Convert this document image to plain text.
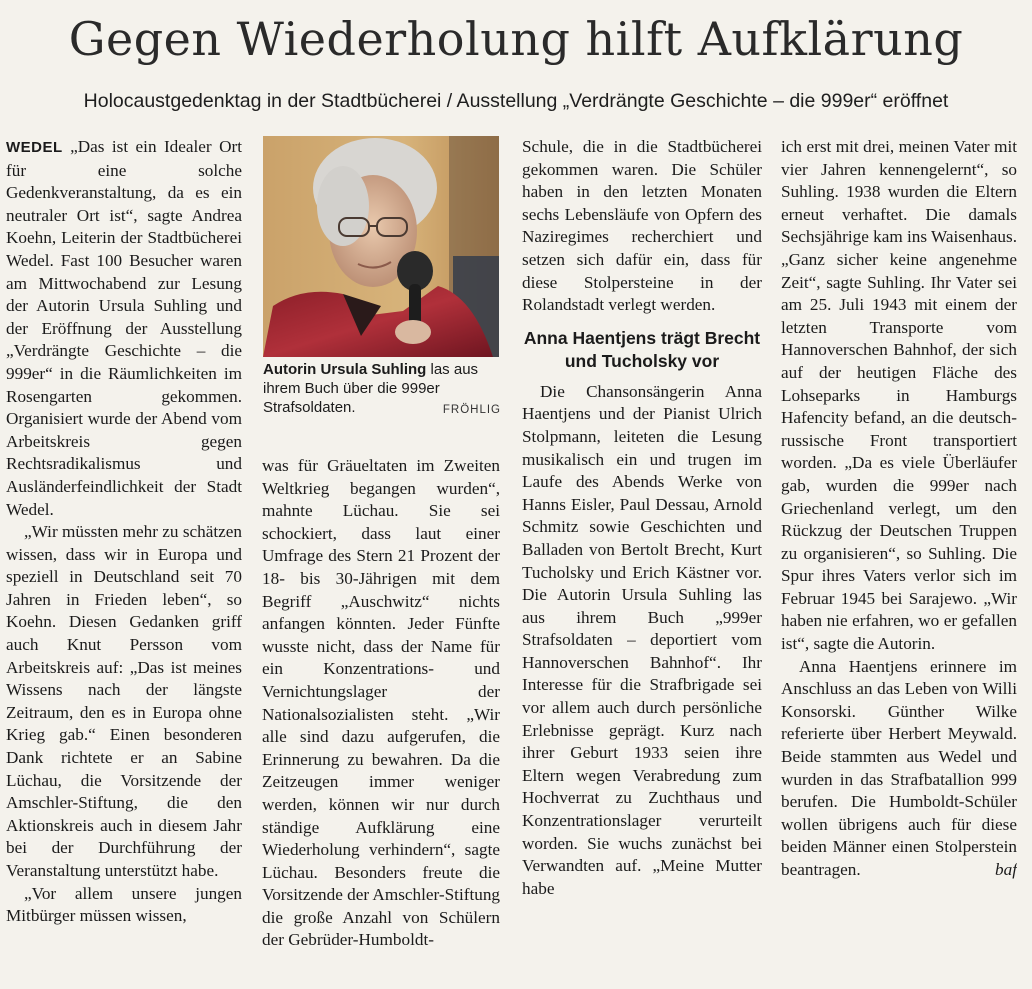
Gegen Wiederholung hilft Aufklärung
Holocaustgedenktag in der Stadtbücherei / Ausstellung „Verdrängte Geschichte – die 999er“ eröffnet

WEDEL „Das ist ein Idealer Ort für eine solche Gedenkveranstaltung, da es ein neutraler Ort ist“, sagte Andrea Koehn, Leiterin der Stadtbücherei Wedel. Fast 100 Besucher waren am Mittwochabend zur Lesung der Autorin Ursula Suhling und der Eröffnung der Ausstellung „Verdrängte Geschichte – die 999er“ in die Räumlichkeiten im Rosengarten gekommen. Organisiert wurde der Abend vom Arbeitskreis gegen Rechtsradikalismus und Ausländerfeindlichkeit der Stadt Wedel.

„Wir müssten mehr zu schätzen wissen, dass wir in Europa und speziell in Deutschland seit 70 Jahren in Frieden leben“, so Koehn. Diesen Gedanken griff auch Knut Persson vom Arbeitskreis auf: „Das ist meines Wissens nach der längste Zeitraum, den es in Europa ohne Krieg gab.“ Einen besonderen Dank richtete er an Sabine Lüchau, die Vorsitzende der Amschler-Stiftung, die den Aktionskreis auch in diesem Jahr bei der Durchführung der Veranstaltung unterstützt habe.

„Vor allem unsere jungen Mitbürger müssen wissen,

Autorin Ursula Suhling las aus ihrem Buch über die 999er Strafsoldaten.	FRÖHLIG

was für Gräueltaten im Zweiten Weltkrieg begangen wurden“, mahnte Lüchau. Sie sei schockiert, dass laut einer Umfrage des Stern 21 Prozent der 18- bis 30-Jährigen mit dem Begriff „Auschwitz“ nichts anfangen könnten. Jeder Fünfte wusste nicht, dass der Name für ein Konzentrations- und Vernichtungslager der Nationalsozialisten steht. „Wir alle sind dazu aufgerufen, die Erinnerung zu bewahren. Da die Zeitzeugen immer weniger werden, können wir nur durch ständige Aufklärung eine Wiederholung verhindern“, sagte Lüchau. Besonders freute die Vorsitzende der Amschler-Stiftung die große Anzahl von Schülern der Gebrüder-Humboldt-

Schule, die in die Stadtbücherei gekommen waren. Die Schüler haben in den letzten Monaten sechs Lebensläufe von Opfern des Naziregimes recherchiert und setzen sich dafür ein, dass für diese Stolpersteine in der Rolandstadt verlegt werden.

Anna Haentjens trägt Brecht und Tucholsky vor

Die Chansonsängerin Anna Haentjens und der Pianist Ulrich Stolpmann, leiteten die Lesung musikalisch ein und trugen im Laufe des Abends Werke von Hanns Eisler, Paul Dessau, Arnold Schmitz sowie Geschichten und Balladen von Bertolt Brecht, Kurt Tucholsky und Erich Kästner vor. Die Autorin Ursula Suhling las aus ihrem Buch „999er Strafsoldaten – deportiert vom Hannoverschen Bahnhof“. Ihr Interesse für die Strafbrigade sei vor allem auch durch persönliche Erlebnisse geprägt. Kurz nach ihrer Geburt 1933 seien ihre Eltern wegen Verabredung zum Hochverrat zu Zuchthaus und Konzentrationslager verurteilt worden. Sie wuchs zunächst bei Verwandten auf. „Meine Mutter habe

ich erst mit drei, meinen Vater mit vier Jahren kennengelernt“, so Suhling. 1938 wurden die Eltern erneut verhaftet. Die damals Sechsjährige kam ins Waisenhaus. „Ganz sicher keine angenehme Zeit“, sagte Suhling. Ihr Vater sei am 25. Juli 1943 mit einem der letzten Transporte vom Hannoverschen Bahnhof, der sich auf der heutigen Fläche des Lohseparks in Hamburgs Hafencity befand, an die deutsch-russische Front transportiert worden. „Da es viele Überläufer gab, wurden die 999er nach Griechenland verlegt, um den Rückzug der Deutschen Truppen zu organisieren“, so Suhling. Die Spur ihres Vaters verlor sich im Februar 1945 bei Sarajewo. „Wir haben nie erfahren, wo er gefallen ist“, sagte die Autorin.

Anna Haentjens erinnere im Anschluss an das Leben von Willi Konsorski. Günther Wilke referierte über Herbert Meywald. Beide stammten aus Wedel und wurden in das Strafbatallion 999 berufen. Die Humboldt-Schüler wollen übrigens auch für diese beiden Männer einen Stolperstein beantragen.	baf
